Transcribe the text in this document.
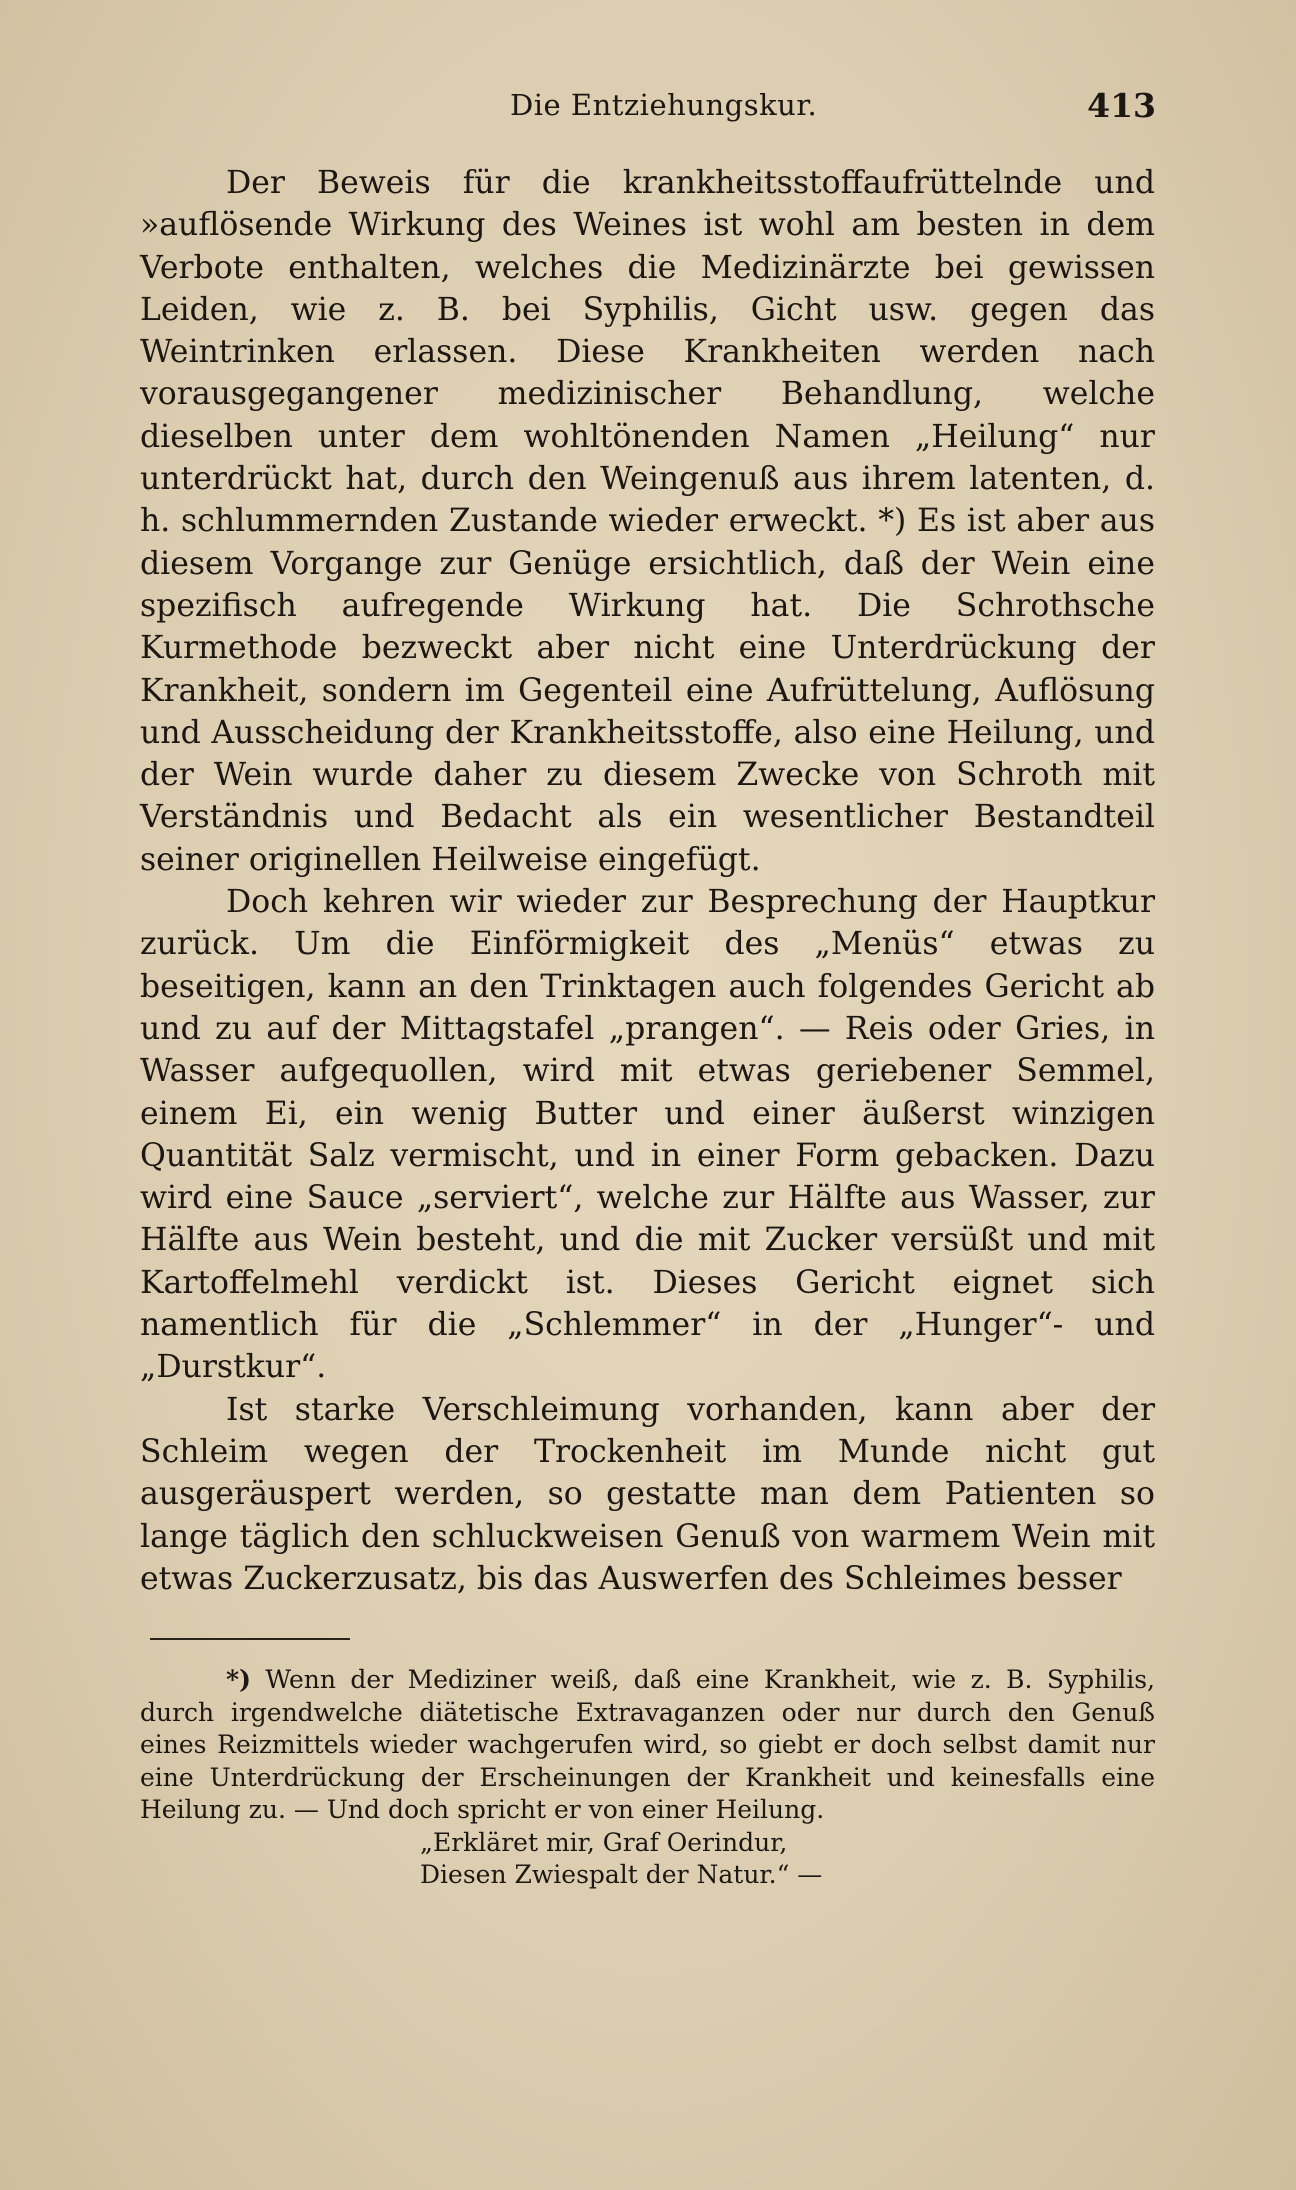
Die Entziehungskur.	413

Der Beweis für die krankheitsstoffaufrüttelnde und »auflösende Wirkung des Weines ist wohl am besten in dem Verbote enthalten, welches die Medizinärzte bei gewissen Leiden, wie z. B. bei Syphilis, Gicht usw. gegen das Weintrinken erlassen. Diese Krankheiten werden nach vorausgegangener medizinischer Behandlung, welche dieselben unter dem wohltönenden Namen „Heilung“ nur unterdrückt hat, durch den Weingenuß aus ihrem latenten, d. h. schlummernden Zustande wieder erweckt. *) Es ist aber aus diesem Vorgange zur Genüge ersichtlich, daß der Wein eine spezifisch aufregende Wirkung hat. Die Schrothsche Kurmethode bezweckt aber nicht eine Unterdrückung der Krankheit, sondern im Gegenteil eine Aufrüttelung, Auflösung und Ausscheidung der Krankheitsstoffe, also eine Heilung, und der Wein wurde daher zu diesem Zwecke von Schroth mit Verständnis und Bedacht als ein wesentlicher Bestandteil seiner originellen Heilweise eingefügt.

Doch kehren wir wieder zur Besprechung der Hauptkur zurück. Um die Einförmigkeit des „Menüs“ etwas zu beseitigen, kann an den Trinktagen auch folgendes Gericht ab und zu auf der Mittagstafel „prangen“. — Reis oder Gries, in Wasser aufgequollen, wird mit etwas geriebener Semmel, einem Ei, ein wenig Butter und einer äußerst winzigen Quantität Salz vermischt, und in einer Form gebacken. Dazu wird eine Sauce „serviert“, welche zur Hälfte aus Wasser, zur Hälfte aus Wein besteht, und die mit Zucker versüßt und mit Kartoffelmehl verdickt ist. Dieses Gericht eignet sich namentlich für die „Schlemmer“ in der „Hunger“- und „Durstkur“.

Ist starke Verschleimung vorhanden, kann aber der Schleim wegen der Trockenheit im Munde nicht gut ausgeräuspert werden, so gestatte man dem Patienten so lange täglich den schluckweisen Genuß von warmem Wein mit etwas Zuckerzusatz, bis das Auswerfen des Schleimes besser

*) Wenn der Mediziner weiß, daß eine Krankheit, wie z. B. Syphilis, durch irgendwelche diätetische Extravaganzen oder nur durch den Genuß eines Reizmittels wieder wachgerufen wird, so giebt er doch selbst damit nur eine Unterdrückung der Erscheinungen der Krankheit und keinesfalls eine Heilung zu. — Und doch spricht er von einer Heilung.

„Erkläret mir, Graf Oerindur,

Diesen Zwiespalt der Natur.“ —
